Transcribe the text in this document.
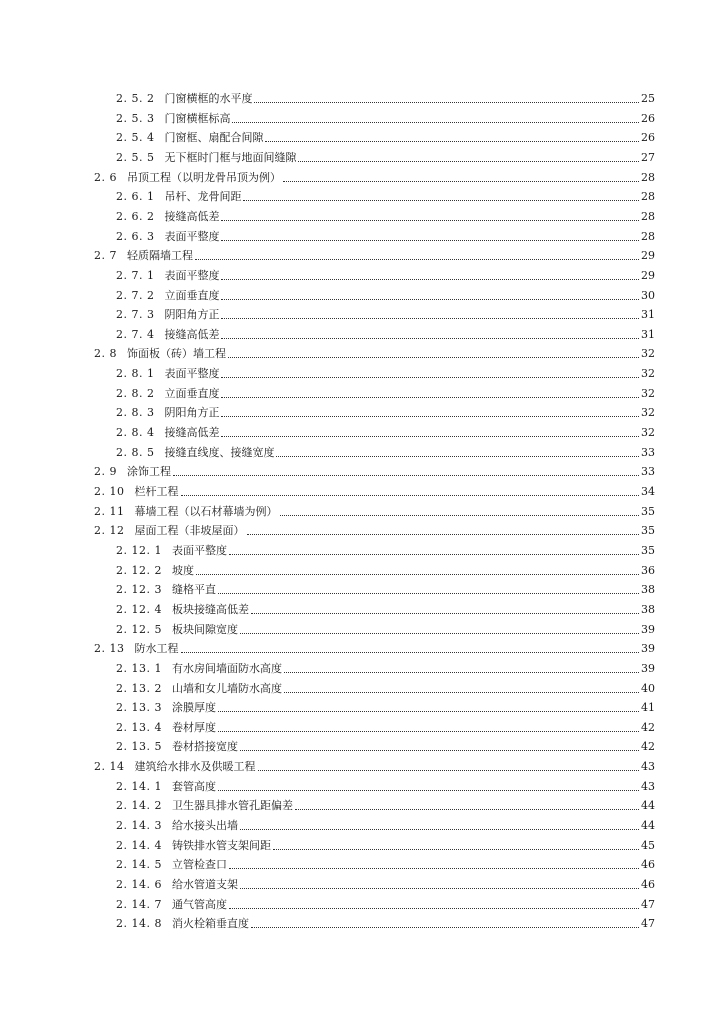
2. 5. 2 门窗横框的水平度	25
2. 5. 3 门窗横框标高	26
2. 5. 4 门窗框、扇配合间隙	26
2. 5. 5 无下框时门框与地面间缝隙	27
2. 6 吊顶工程（以明龙骨吊顶为例）	28
2. 6. 1 吊杆、龙骨间距	28
2. 6. 2 接缝高低差	28
2. 6. 3 表面平整度	28
2. 7 轻质隔墙工程	29
2. 7. 1 表面平整度	29
2. 7. 2 立面垂直度	30
2. 7. 3 阴阳角方正	31
2. 7. 4 接缝高低差	31
2. 8 饰面板（砖）墙工程	32
2. 8. 1 表面平整度	32
2. 8. 2 立面垂直度	32
2. 8. 3 阴阳角方正	32
2. 8. 4 接缝高低差	32
2. 8. 5 接缝直线度、接缝宽度	33
2. 9 涂饰工程	33
2. 10 栏杆工程	34
2. 11 幕墙工程（以石材幕墙为例）	35
2. 12 屋面工程（非坡屋面）	35
2. 12. 1 表面平整度	35
2. 12. 2 坡度	36
2. 12. 3 缝格平直	38
2. 12. 4 板块接缝高低差	38
2. 12. 5 板块间隙宽度	39
2. 13 防水工程	39
2. 13. 1 有水房间墙面防水高度	39
2. 13. 2 山墙和女儿墙防水高度	40
2. 13. 3 涂膜厚度	41
2. 13. 4 卷材厚度	42
2. 13. 5 卷材搭接宽度	42
2. 14 建筑给水排水及供暖工程	43
2. 14. 1 套管高度	43
2. 14. 2 卫生器具排水管孔距偏差	44
2. 14. 3 给水接头出墙	44
2. 14. 4 铸铁排水管支架间距	45
2. 14. 5 立管检查口	46
2. 14. 6 给水管道支架	46
2. 14. 7 通气管高度	47
2. 14. 8 消火栓箱垂直度	47
